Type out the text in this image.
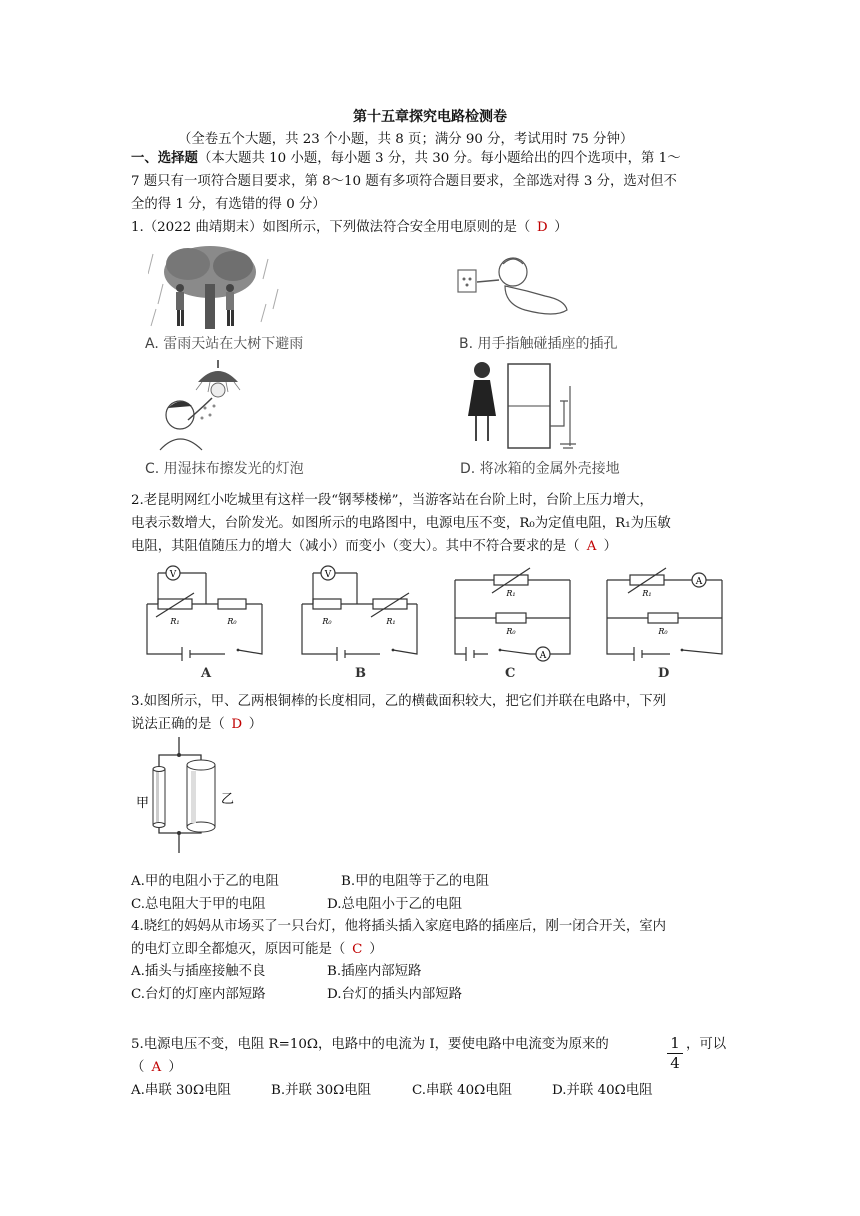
第十五章探究电路检测卷
（全卷五个大题，共 23 个小题，共 8 页；满分 90 分，考试用时 75 分钟）
一、选择题（本大题共 10 小题，每小题 3 分，共 30 分。每小题给出的四个选项中，第 1～
7 题只有一项符合题目要求，第 8～10 题有多项符合题目要求，全部选对得 3 分，选对但不
全的得 1 分，有选错的得 0 分）
1.（2022 曲靖期末）如图所示，下列做法符合安全用电原则的是（ D ）
A. 雷雨天站在大树下避雨	B. 用手指触碰插座的插孔
C. 用湿抹布擦发光的灯泡	D. 将冰箱的金属外壳接地
2.老昆明网红小吃城里有这样一段“钢琴楼梯”，当游客站在台阶上时，台阶上压力增大，
电表示数增大，台阶发光。如图所示的电路图中，电源电压不变，R₀为定值电阻，R₁为压敏
电阻，其阻值随压力的增大（减小）而变小（变大）。其中不符合要求的是（ A ）
V
R₁	R₀
A
V
R₀	R₁
B
A
R₁
R₀
C
A
R₁
R₀
D
3.如图所示，甲、乙两根铜棒的长度相同，乙的横截面积较大，把它们并联在电路中，下列
说法正确的是（ D ）
甲	乙
A.甲的电阻小于乙的电阻	B.甲的电阻等于乙的电阻
C.总电阻大于甲的电阻	D.总电阻小于乙的电阻
4.晓红的妈妈从市场买了一只台灯，他将插头插入家庭电路的插座后，刚一闭合开关，室内
的电灯立即全都熄灭，原因可能是（ C ）
A.插头与插座接触不良	B.插座内部短路
C.台灯的灯座内部短路	D.台灯的插头内部短路
5.电源电压不变，电阻 R=10Ω，电路中的电流为 I，要使电路中电流变为原来的	1
4
，可以
（ A ）
A.串联 30Ω电阻	B.并联 30Ω电阻	C.串联 40Ω电阻	D.并联 40Ω电阻
